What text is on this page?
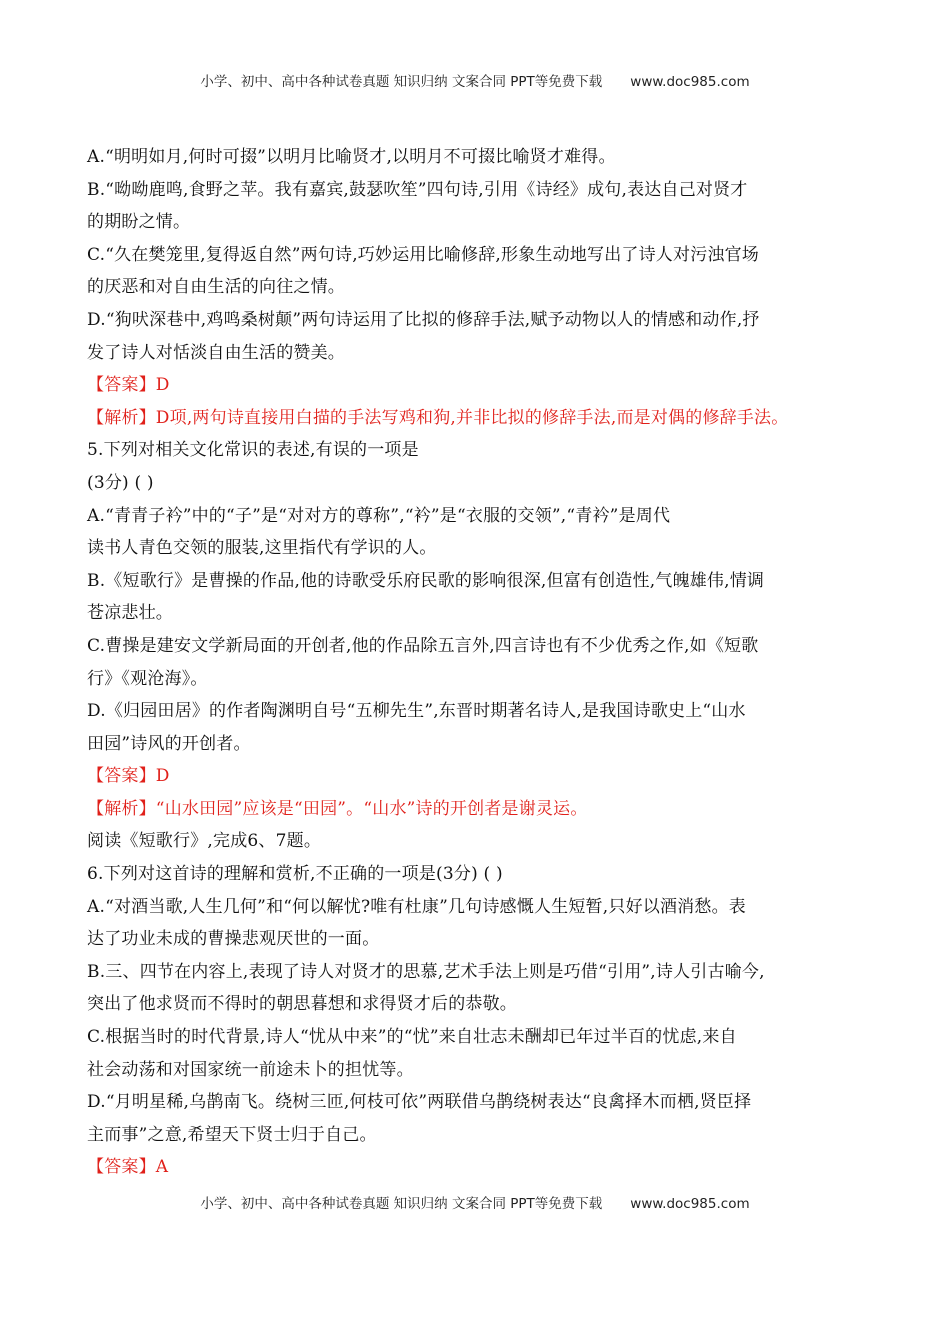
小学、初中、高中各种试卷真题 知识归纳 文案合同 PPT等免费下载 www.doc985.com
A.“明明如月,何时可掇”以明月比喻贤才,以明月不可掇比喻贤才难得。
B.“呦呦鹿鸣,食野之苹。我有嘉宾,鼓瑟吹笙”四句诗,引用《诗经》成句,表达自己对贤才
的期盼之情。
C.“久在樊笼里,复得返自然”两句诗,巧妙运用比喻修辞,形象生动地写出了诗人对污浊官场
的厌恶和对自由生活的向往之情。
D.“狗吠深巷中,鸡鸣桑树颠”两句诗运用了比拟的修辞手法,赋予动物以人的情感和动作,抒
发了诗人对恬淡自由生活的赞美。
【答案】D
【解析】D项,两句诗直接用白描的手法写鸡和狗,并非比拟的修辞手法,而是对偶的修辞手法。
5.下列对相关文化常识的表述,有误的一项是
(3分) ( )
A.“青青子衿”中的“子”是“对对方的尊称”,“衿”是“衣服的交领”,“青衿”是周代
读书人青色交领的服装,这里指代有学识的人。
B.《短歌行》是曹操的作品,他的诗歌受乐府民歌的影响很深,但富有创造性,气魄雄伟,情调
苍凉悲壮。
C.曹操是建安文学新局面的开创者,他的作品除五言外,四言诗也有不少优秀之作,如《短歌
行》《观沧海》。
D.《归园田居》的作者陶渊明自号“五柳先生”,东晋时期著名诗人,是我国诗歌史上“山水
田园”诗风的开创者。
【答案】D
【解析】“山水田园”应该是“田园”。“山水”诗的开创者是谢灵运。
阅读《短歌行》,完成6、7题。
6.下列对这首诗的理解和赏析,不正确的一项是(3分) ( )
A.“对酒当歌,人生几何”和“何以解忧?唯有杜康”几句诗感慨人生短暂,只好以酒消愁。表
达了功业未成的曹操悲观厌世的一面。
B.三、四节在内容上,表现了诗人对贤才的思慕,艺术手法上则是巧借“引用”,诗人引古喻今,
突出了他求贤而不得时的朝思暮想和求得贤才后的恭敬。
C.根据当时的时代背景,诗人“忧从中来”的“忧”来自壮志未酬却已年过半百的忧虑,来自
社会动荡和对国家统一前途未卜的担忧等。
D.“月明星稀,乌鹊南飞。绕树三匝,何枝可依”两联借乌鹊绕树表达“良禽择木而栖,贤臣择
主而事”之意,希望天下贤士归于自己。
【答案】A
小学、初中、高中各种试卷真题 知识归纳 文案合同 PPT等免费下载 www.doc985.com
